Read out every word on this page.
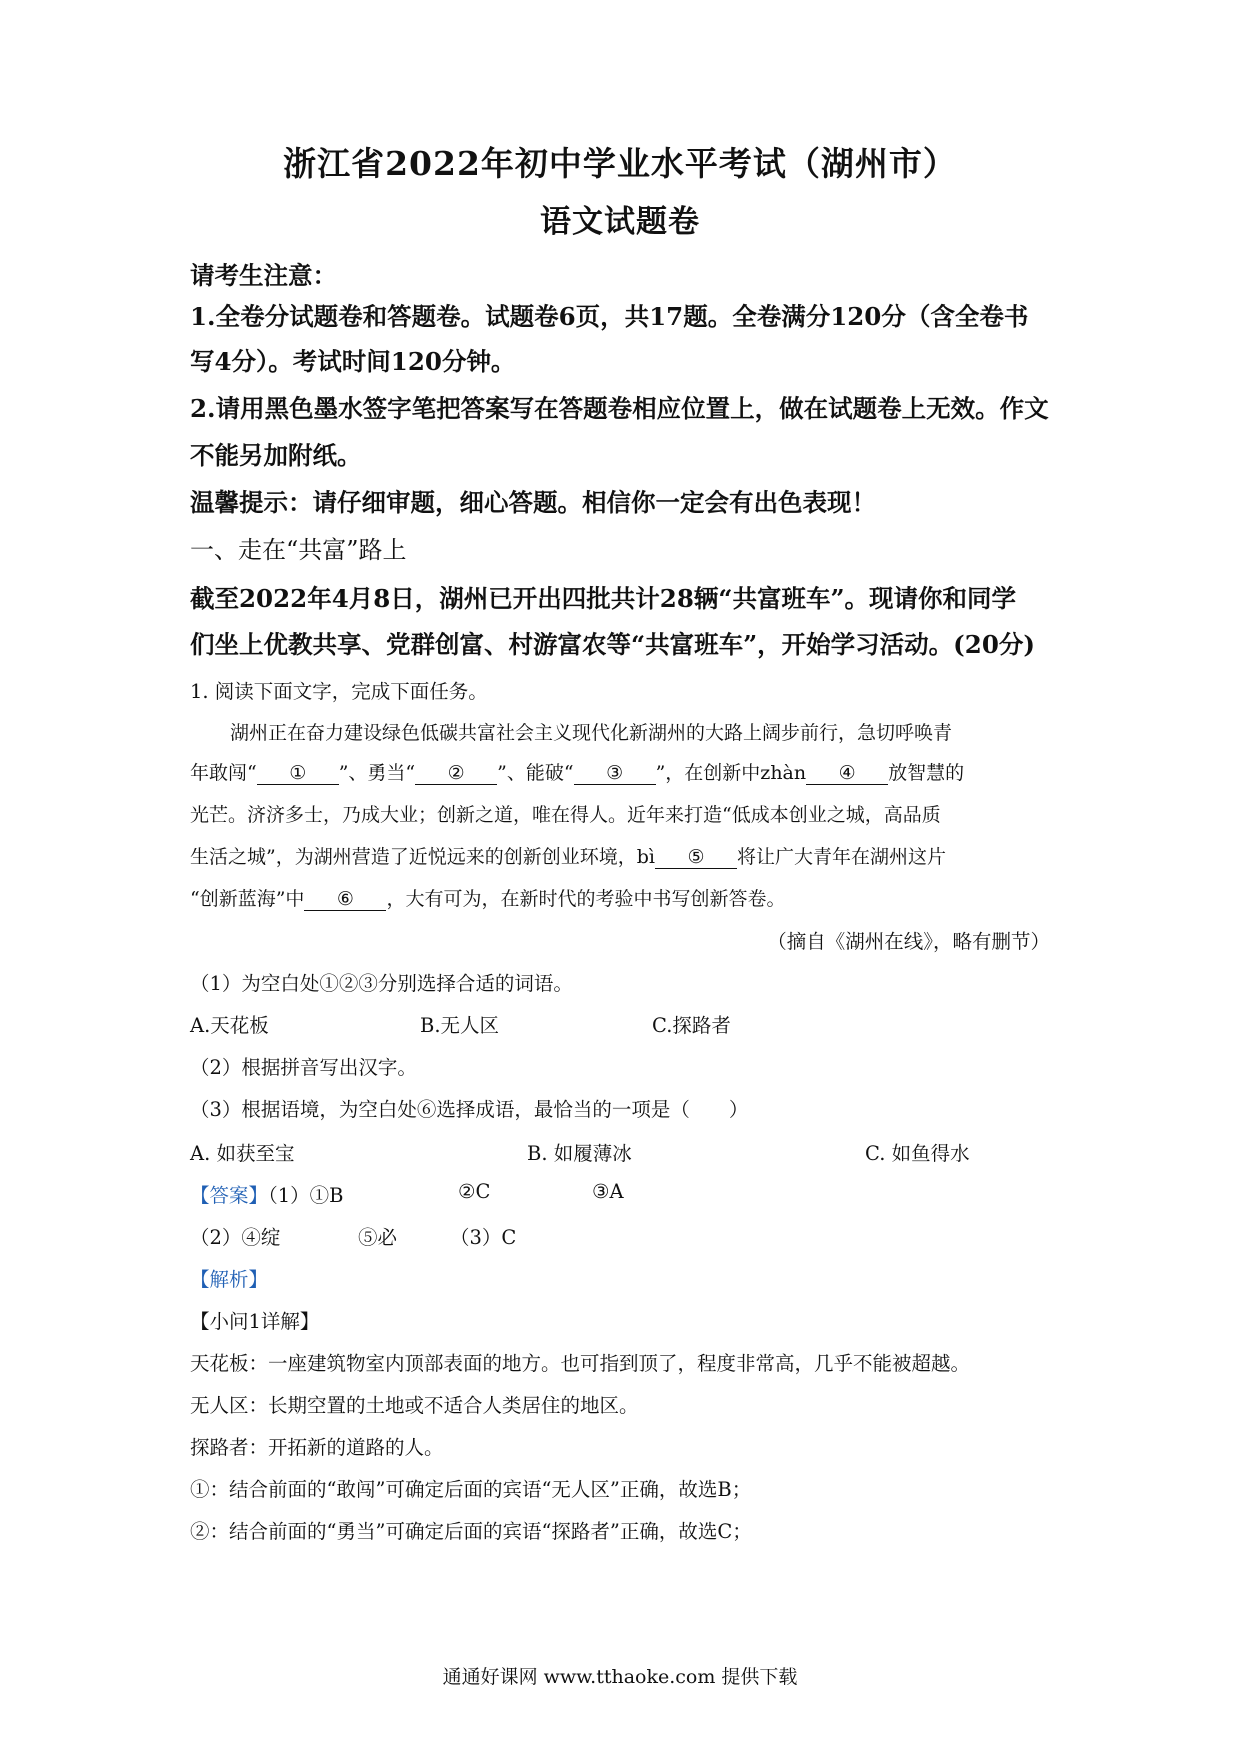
浙江省2022年初中学业水平考试（湖州市）
语文试题卷
请考生注意：
1.全卷分试题卷和答题卷。试题卷6页，共17题。全卷满分120分（含全卷书
写4分）。考试时间120分钟。
2.请用黑色墨水签字笔把答案写在答题卷相应位置上，做在试题卷上无效。作文
不能另加附纸。
温馨提示：请仔细审题，细心答题。相信你一定会有出色表现！
一、走在“共富”路上
截至2022年4月8日，湖州已开出四批共计28辆“共富班车”。现请你和同学
们坐上优教共享、党群创富、村游富农等“共富班车”，开始学习活动。(20分)
1. 阅读下面文字，完成下面任务。
湖州正在奋力建设绿色低碳共富社会主义现代化新湖州的大路上阔步前行，急切呼唤青
年敢闯“ ① ”、勇当“ ② ”、能破“ ③ ”，在创新中zhàn ④ 放智慧的
光芒。济济多士，乃成大业；创新之道，唯在得人。近年来打造“低成本创业之城，高品质
生活之城”，为湖州营造了近悦远来的创新创业环境，bì ⑤ 将让广大青年在湖州这片
“创新蓝海”中 ⑥ ，大有可为，在新时代的考验中书写创新答卷。
（摘自《湖州在线》，略有删节）
（1）为空白处①②③分别选择合适的词语。
A.天花板	B.无人区	C.探路者
（2）根据拼音写出汉字。
（3）根据语境，为空白处⑥选择成语，最恰当的一项是（　　）
A. 如获至宝	B. 如履薄冰	C. 如鱼得水
【答案】（1）①B	②C	③A
（2）④绽	⑤必	（3）C
【解析】
【小问1详解】
天花板：一座建筑物室内顶部表面的地方。也可指到顶了，程度非常高，几乎不能被超越。
无人区：长期空置的土地或不适合人类居住的地区。
探路者：开拓新的道路的人。
①：结合前面的“敢闯”可确定后面的宾语“无人区”正确，故选B；
②：结合前面的“勇当”可确定后面的宾语“探路者”正确，故选C；
通通好课网 www.tthaoke.com 提供下载
